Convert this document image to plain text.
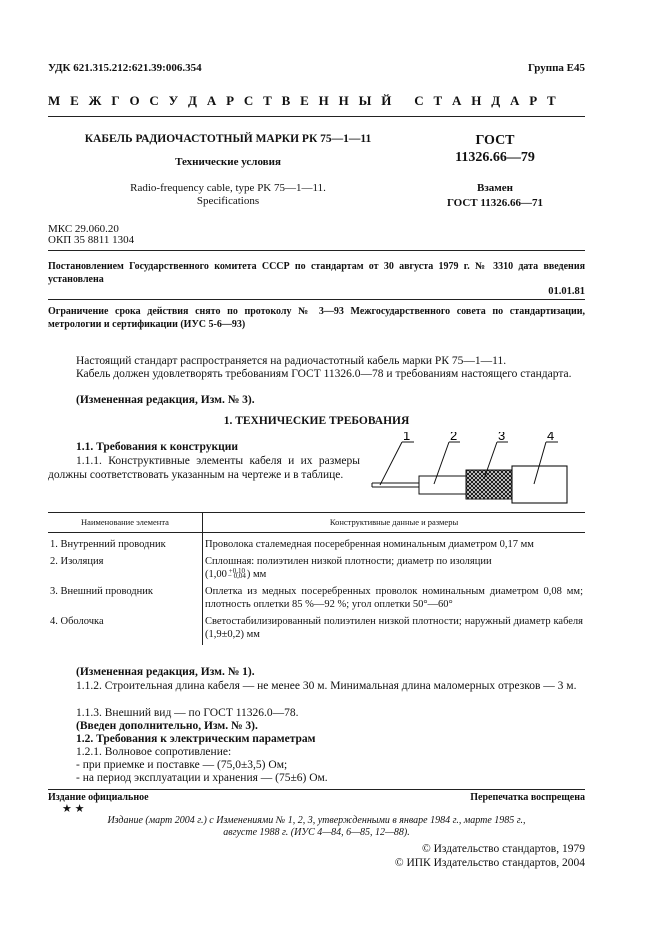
УДК 621.315.212:621.39:006.354	Группа Е45
М Е Ж Г О С У Д А Р С Т В Е Н Н Ы Й   С Т А Н Д А Р Т
КАБЕЛЬ РАДИОЧАСТОТНЫЙ МАРКИ РК 75—1—11
Технические условия
Radio-frequency cable, type PK 75—1—11.
Specifications
ГОСТ
11326.66—79
Взамен
ГОСТ 11326.66—71
МКС 29.060.20
ОКП 35 8811 1304
Постановлением Государственного комитета СССР по стандартам от 30 августа 1979 г. № 3310 дата введения установлена
01.01.81
Ограничение срока действия снято по протоколу № 3—93 Межгосударственного совета по стандартизации, метрологии и сертификации (ИУС 5-6—93)
Настоящий стандарт распространяется на радиочастотный кабель марки РК 75—1—11.
Кабель должен удовлетворять требованиям ГОСТ 11326.0—78 и требованиям настоящего стандарта.
(Измененная редакция, Изм. № 3).
1. ТЕХНИЧЕСКИЕ ТРЕБОВАНИЯ
1.1. Требования к конструкции
1.1.1. Конструктивные элементы кабеля и их размеры должны соответствовать указанным на чертеже и в таблице.
1	2	3	4
Наименование элемента	Конструктивные данные и размеры
1. Внутренний проводник	Проволока сталемедная посеребренная номинальным диаметром 0,17 мм
2. Изоляция	Сплошная: полиэтилен низкой плотности; диаметр по изоляции
(1,00 +0,10
− 0,04) мм
3. Внешний проводник	Оплетка из медных посеребренных проволок номинальным диаметром 0,08 мм; плотность оплетки 85 %—92 %; угол оплетки 50°—60°
4. Оболочка	Светостабилизированный полиэтилен низкой плотности; наружный диаметр кабеля (1,9±0,2) мм
(Измененная редакция, Изм. № 1).
1.1.2. Строительная длина кабеля — не менее 30 м. Минимальная длина маломерных отрезков — 3 м.
1.1.3. Внешний вид — по ГОСТ 11326.0—78.
(Введен дополнительно, Изм. № 3).
1.2. Требования к электрическим параметрам
1.2.1. Волновое сопротивление:
- при приемке и поставке — (75,0±3,5) Ом;
- на период эксплуатации и хранения — (75±6) Ом.
Издание официальное
★ ★
Перепечатка воспрещена
Издание (март 2004 г.) с Изменениями № 1, 2, 3, утвержденными в январе 1984 г., марте 1985 г.,
августе 1988 г. (ИУС 4—84, 6—85, 12—88).
© Издательство стандартов, 1979
© ИПК Издательство стандартов, 2004
